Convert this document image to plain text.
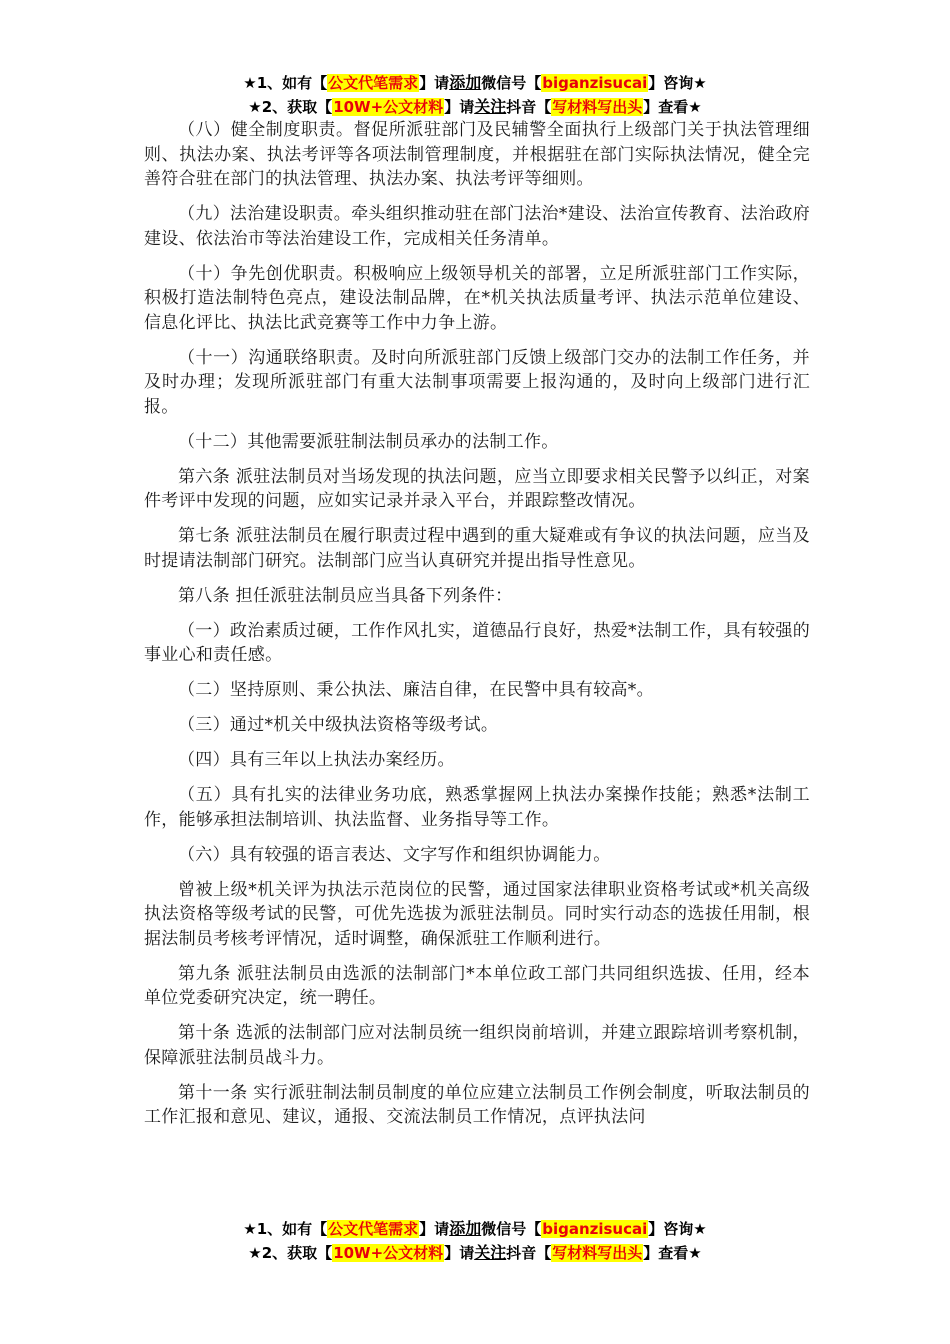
★1、如有【公文代笔需求】请添加微信号【biganzisucai】咨询★
★2、获取【10W+公文材料】请关注抖音【写材料写出头】查看★

（八）健全制度职责。督促所派驻部门及民辅警全面执行上级部门关于执法管理细则、执法办案、执法考评等各项法制管理制度，并根据驻在部门实际执法情况，健全完善符合驻在部门的执法管理、执法办案、执法考评等细则。

（九）法治建设职责。牵头组织推动驻在部门法治*建设、法治宣传教育、法治政府建设、依法治市等法治建设工作，完成相关任务清单。

（十）争先创优职责。积极响应上级领导机关的部署，立足所派驻部门工作实际，积极打造法制特色亮点，建设法制品牌，在*机关执法质量考评、执法示范单位建设、信息化评比、执法比武竞赛等工作中力争上游。

（十一）沟通联络职责。及时向所派驻部门反馈上级部门交办的法制工作任务，并及时办理；发现所派驻部门有重大法制事项需要上报沟通的，及时向上级部门进行汇报。

（十二）其他需要派驻制法制员承办的法制工作。

第六条 派驻法制员对当场发现的执法问题，应当立即要求相关民警予以纠正，对案件考评中发现的问题，应如实记录并录入平台，并跟踪整改情况。

第七条 派驻法制员在履行职责过程中遇到的重大疑难或有争议的执法问题，应当及时提请法制部门研究。法制部门应当认真研究并提出指导性意见。

第八条 担任派驻法制员应当具备下列条件：

（一）政治素质过硬，工作作风扎实，道德品行良好，热爱*法制工作，具有较强的事业心和责任感。

（二）坚持原则、秉公执法、廉洁自律，在民警中具有较高*。

（三）通过*机关中级执法资格等级考试。

（四）具有三年以上执法办案经历。

（五）具有扎实的法律业务功底，熟悉掌握网上执法办案操作技能；熟悉*法制工作，能够承担法制培训、执法监督、业务指导等工作。

（六）具有较强的语言表达、文字写作和组织协调能力。

曾被上级*机关评为执法示范岗位的民警，通过国家法律职业资格考试或*机关高级执法资格等级考试的民警，可优先选拔为派驻法制员。同时实行动态的选拔任用制，根据法制员考核考评情况，适时调整，确保派驻工作顺利进行。

第九条 派驻法制员由选派的法制部门*本单位政工部门共同组织选拔、任用，经本单位党委研究决定，统一聘任。

第十条 选派的法制部门应对法制员统一组织岗前培训，并建立跟踪培训考察机制，保障派驻法制员战斗力。

第十一条 实行派驻制法制员制度的单位应建立法制员工作例会制度，听取法制员的工作汇报和意见、建议，通报、交流法制员工作情况，点评执法问

★1、如有【公文代笔需求】请添加微信号【biganzisucai】咨询★
★2、获取【10W+公文材料】请关注抖音【写材料写出头】查看★
